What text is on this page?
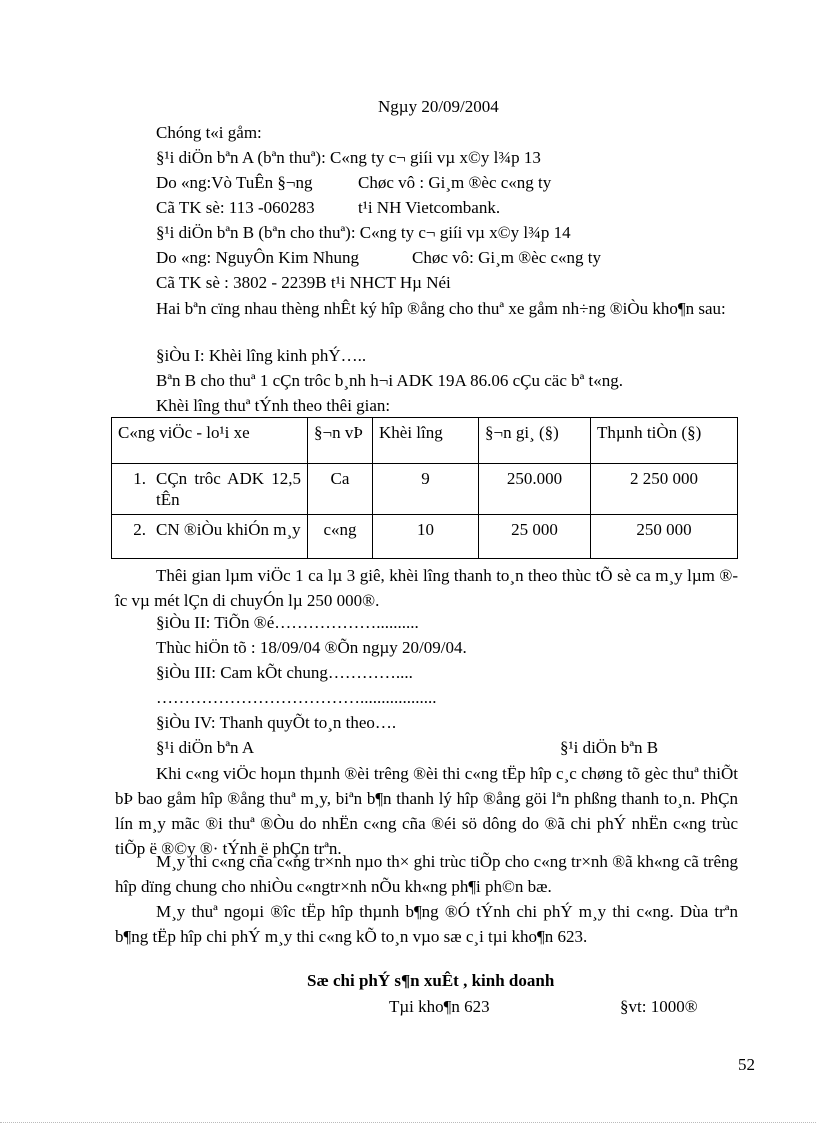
Ngµy 20/09/2004
Chóng t«i gåm:
§¹i diÖn bªn A (bªn thuª): C«ng ty c¬ giíi vµ x©y l¾p 13
Do «ng:Vò TuÊn §¬ng	Chøc vô : Gi¸m ®èc c«ng ty
Cã TK sè: 113 -060283	t¹i NH Vietcombank.
§¹i diÖn bªn B (bªn cho thuª): C«ng ty c¬ giíi vµ x©y l¾p 14
Do «ng: NguyÔn Kim Nhung	Chøc vô: Gi¸m ®èc c«ng ty
Cã TK sè : 3802 - 2239B t¹i NHCT Hµ Néi
Hai bªn cïng nhau thèng nhÊt ký hîp ®ång cho thuª xe gåm nh÷ng ®iÒu kho¶n sau:
§iÒu I: Khèi lîng kinh phÝ…..
Bªn B cho thuª 1 cÇn trôc b¸nh h¬i ADK 19A 86.06 cÇu cäc bª t«ng.
Khèi lîng thuª tÝnh theo thêi gian:
C«ng viÖc - lo¹i xe	§¬n vÞ	Khèi lîng	§¬n gi¸ (§)	Thµnh tiÒn (§)

1. CÇn trôc ADK 12,5 tÊn	Ca	9	250.000	2 250 000

2. CN ®iÒu khiÓn m¸y	c«ng	10	25 000	250 000
Thêi gian lµm viÖc 1 ca lµ 3 giê, khèi lîng thanh to¸n theo thùc tÕ sè ca m¸y lµm ®îc vµ mét lÇn di chuyÓn lµ 250 000®.
§iÒu II: TiÕn ®é………………..........
Thùc hiÖn tõ : 18/09/04 ®Õn ngµy 20/09/04.
§iÒu III: Cam kÕt chung…………....
………………………………..................
§iÒu IV: Thanh quyÕt to¸n theo….
§¹i diÖn bªn A	§¹i diÖn bªn B
Khi c«ng viÖc hoµn thµnh ®èi trêng ®èi thi c«ng tËp hîp c¸c chøng tõ gèc thuª thiÕt bÞ bao gåm hîp ®ång thuª m¸y, biªn b¶n thanh lý hîp ®ång göi lªn phßng thanh to¸n. PhÇn lín m¸y mãc ®i thuª ®Òu do nhËn c«ng cña ®éi sö dông do ®ã chi phÝ nhËn c«ng trùc tiÕp ë ®©y ®· tÝnh ë phÇn trªn.
M¸y thi c«ng cña c«ng tr×nh nµo th× ghi trùc tiÕp cho c«ng tr×nh ®ã kh«ng cã trêng hîp dïng chung cho nhiÒu c«ngtr×nh nÕu kh«ng ph¶i ph©n bæ.
M¸y thuª ngoµi ®îc tËp hîp thµnh b¶ng ®Ó tÝnh chi phÝ m¸y thi c«ng. Dùa trªn b¶ng tËp hîp chi phÝ m¸y thi c«ng kÕ to¸n vµo sæ c¸i tµi kho¶n 623.
Sæ chi phÝ s¶n xuÊt , kinh doanh
Tµi kho¶n 623	§vt: 1000®
52
